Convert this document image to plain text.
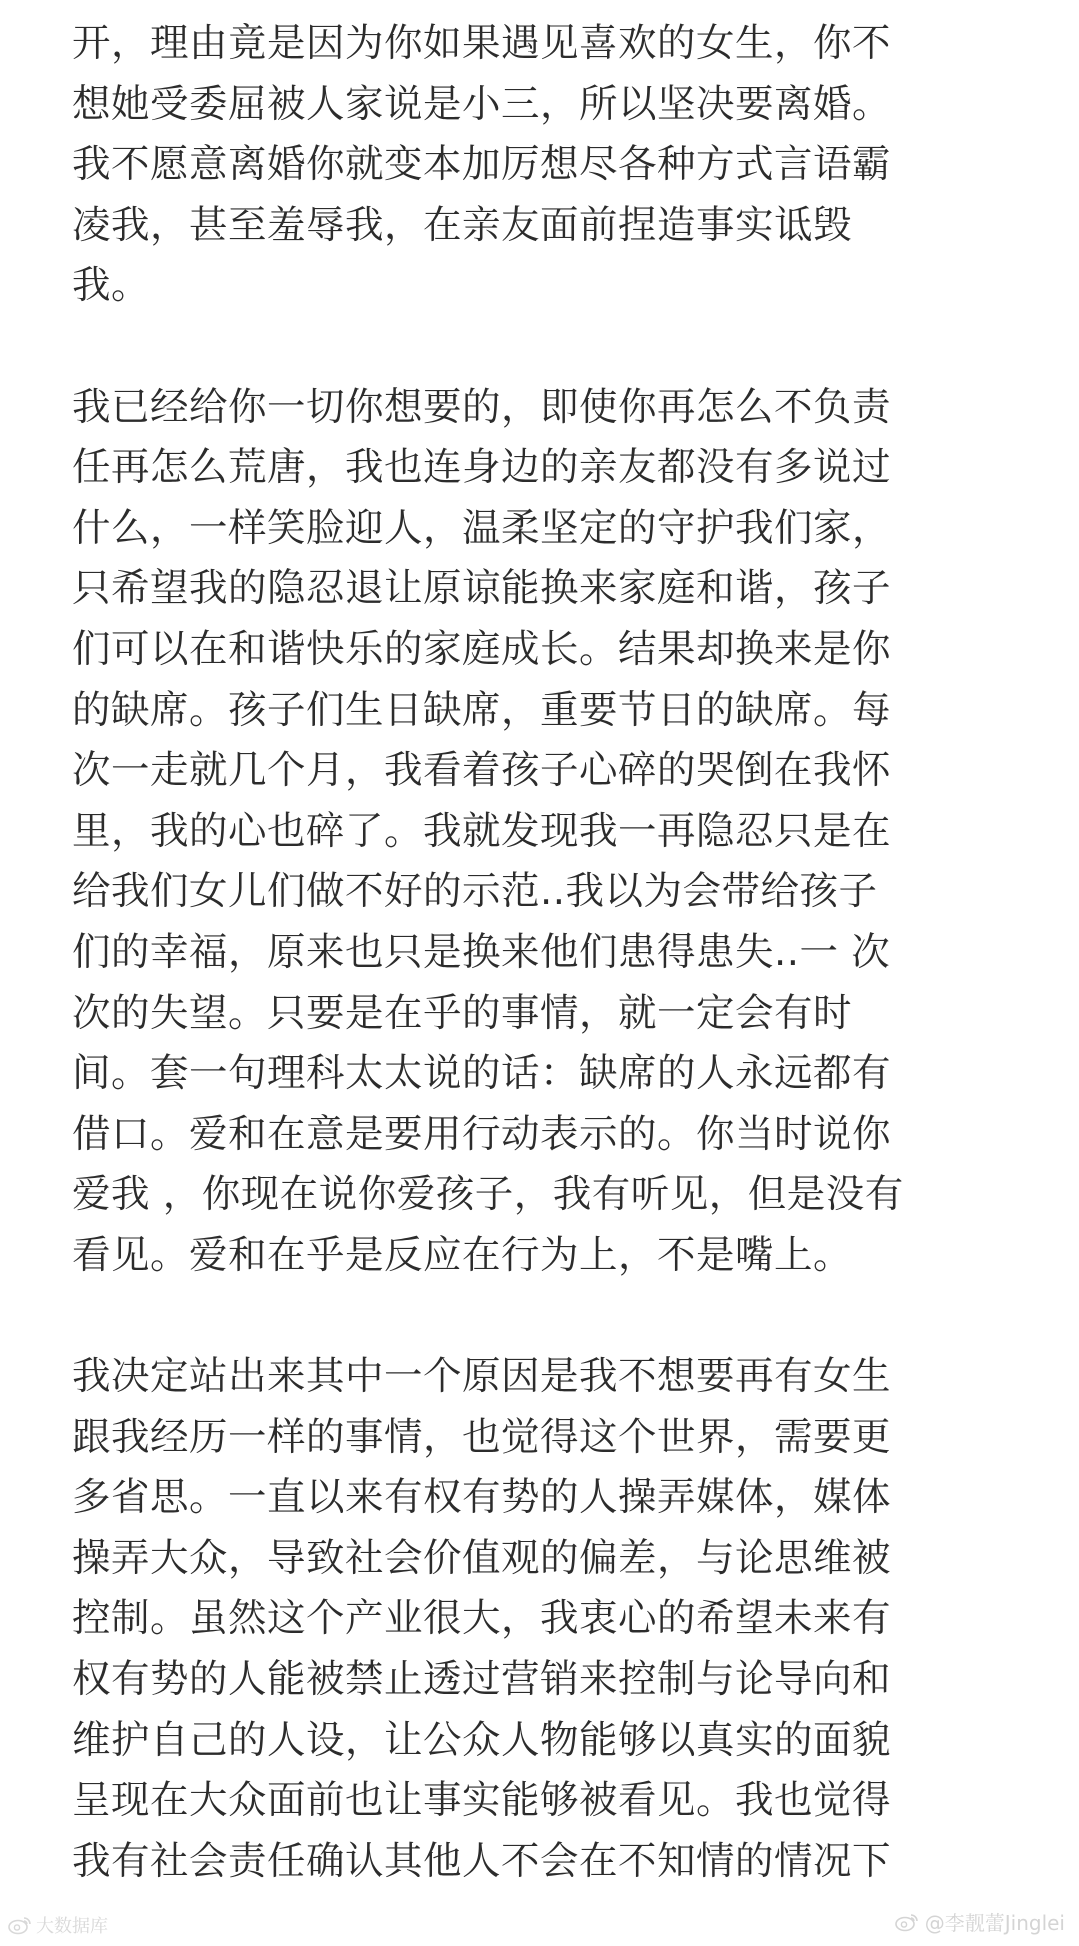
开，理由竟是因为你如果遇见喜欢的女生，你不
想她受委屈被人家说是小三，所以坚决要离婚。
我不愿意离婚你就变本加厉想尽各种方式言语霸
凌我，甚至羞辱我，在亲友面前捏造事实诋毁
我。
我已经给你一切你想要的，即使你再怎么不负责
任再怎么荒唐，我也连身边的亲友都没有多说过
什么，一样笑脸迎人，温柔坚定的守护我们家，
只希望我的隐忍退让原谅能换来家庭和谐，孩子
们可以在和谐快乐的家庭成长。结果却换来是你
的缺席。孩子们生日缺席，重要节日的缺席。每
次一走就几个月，我看着孩子心碎的哭倒在我怀
里，我的心也碎了。我就发现我一再隐忍只是在
给我们女儿们做不好的示范..我以为会带给孩子
们的幸福，原来也只是换来他们患得患失..一 次
次的失望。只要是在乎的事情，就一定会有时
间。套一句理科太太说的话：缺席的人永远都有
借口。爱和在意是要用行动表示的。你当时说你
爱我 ，你现在说你爱孩子，我有听见，但是没有
看见。爱和在乎是反应在行为上，不是嘴上。
我决定站出来其中一个原因是我不想要再有女生
跟我经历一样的事情，也觉得这个世界，需要更
多省思。一直以来有权有势的人操弄媒体，媒体
操弄大众，导致社会价值观的偏差，与论思维被
控制。虽然这个产业很大，我衷心的希望未来有
权有势的人能被禁止透过营销来控制与论导向和
维护自己的人设，让公众人物能够以真实的面貌
呈现在大众面前也让事实能够被看见。我也觉得
我有社会责任确认其他人不会在不知情的情况下
大数据库	@李靓蕾Jinglei
